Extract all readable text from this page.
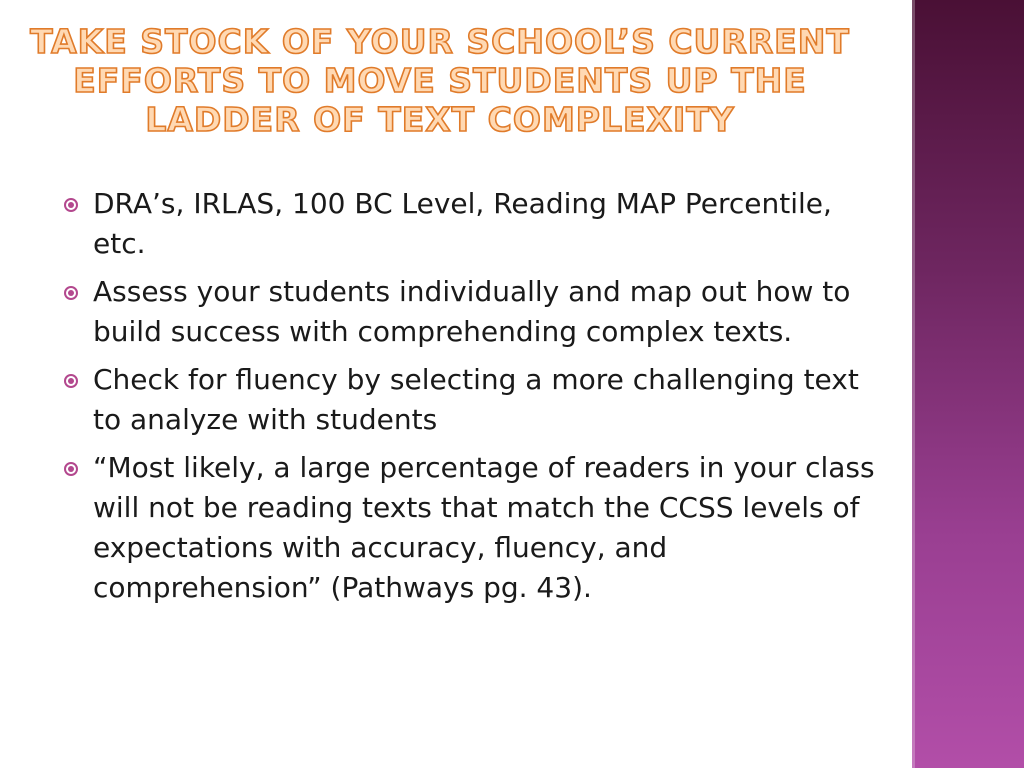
TAKE STOCK OF YOUR SCHOOL’S CURRENT EFFORTS TO MOVE STUDENTS UP THE LADDER OF TEXT COMPLEXITY
DRA’s, IRLAS, 100 BC Level, Reading MAP Percentile, etc.
Assess your students individually and map out how to build success with comprehending complex texts.
Check for fluency by selecting a more challenging text to analyze with students
“Most likely, a large percentage of readers in your class will not be reading texts that match the CCSS levels of expectations with accuracy, fluency, and comprehension” (Pathways pg. 43).
